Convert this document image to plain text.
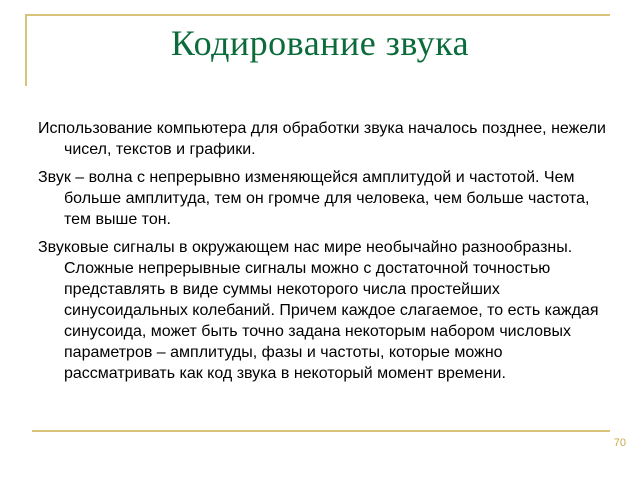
Кодирование звука

Использование компьютера для обработки звука началось позднее, нежели чисел, текстов и графики.

Звук – волна с непрерывно изменяющейся амплитудой и частотой. Чем больше амплитуда, тем он громче для человека, чем больше частота, тем выше тон.

Звуковые сигналы в окружающем нас мире необычайно разнообразны. Сложные непрерывные сигналы можно с достаточной точностью представлять в виде суммы некоторого числа простейших синусоидальных колебаний. Причем каждое слагаемое, то есть каждая синусоида, может быть точно задана некоторым набором числовых параметров – амплитуды, фазы и частоты, которые можно рассматривать как код звука в некоторый момент времени.

70
